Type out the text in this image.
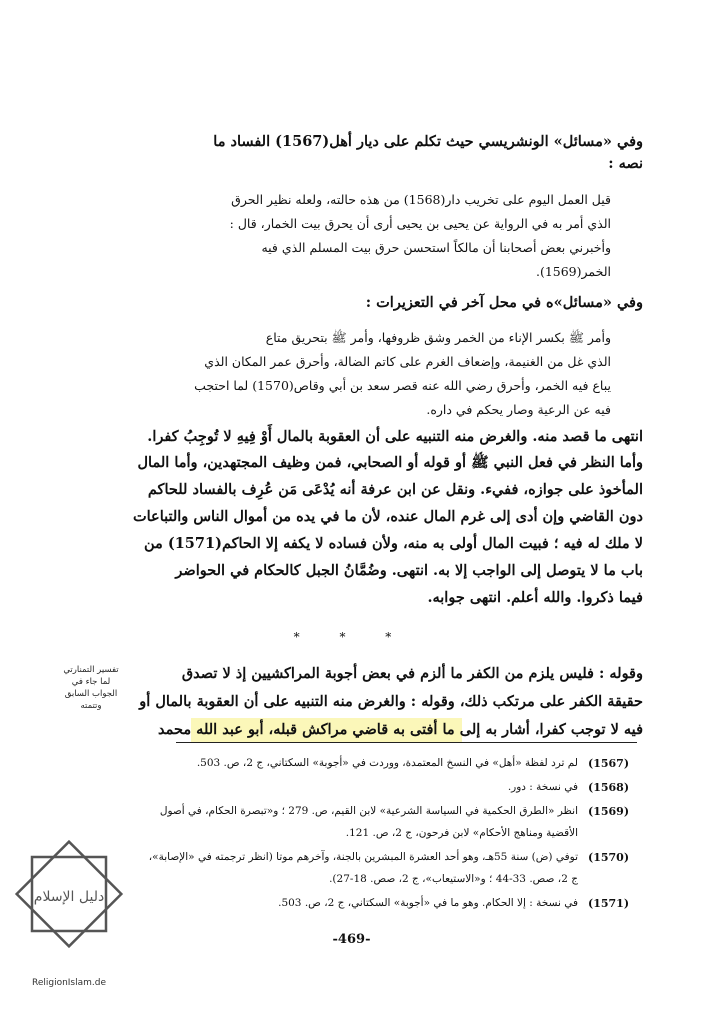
وفي «مسائل» الونشريسي حيث تكلم على ديار أهل(1567) الفساد ما
نصه :
قيل العمل اليوم على تخريب دار(1568) من هذه حالته، ولعله نظير الحرق
الذي أمر به في الرواية عن يحيى بن يحيى أرى أن يحرق بيت الخمار، قال :
وأخبرني بعض أصحابنا أن مالكاً استحسن حرق بيت المسلم الذي فيه
الخمر(1569).
وفي «مسائل»ه في محل آخر في التعزيرات :
وأمر ﷺ بكسر الإناء من الخمر وشق ظروفها، وأمر ﷺ بتحريق متاع
الذي غل من الغنيمة، وإضعاف الغرم على كاتم الضالة، وأحرق عمر المكان الذي
يباع فيه الخمر، وأحرق رضي الله عنه قصر سعد بن أبي وقاص(1570) لما احتجب
فيه عن الرعية وصار يحكم في داره.
انتهى ما قصد منه. والغرض منه التنبيه على أن العقوبة بالمال أَوْ فِيهِ لا تُوجِبُ كفرا.
وأما النظر في فعل النبي ﷺ أو قوله أو الصحابي، فمن وظيف المجتهدين، وأما المال
المأخوذ على جوازه، ففيء. ونقل عن ابن عرفة أنه يُدْعَى مَن عُرِف بالفساد للحاكم
دون القاضي وإن أدى إلى غرم المال عنده، لأن ما في يده من أموال الناس والتباعات
لا ملك له فيه ؛ فبيت المال أولى به منه، ولأن فساده لا يكفه إلا الحاكم(1571) من
باب ما لا يتوصل إلى الواجب إلا به. انتهى. وضُمَّانُ الجبل كالحكام في الحواضر
فيما ذكروا. والله أعلم. انتهى جوابه.
* * *
وقوله : فليس يلزم من الكفر ما ألزم في بعض أجوبة المراكشيين إذ لا تصدق
حقيقة الكفر على مرتكب ذلك، وقوله : والغرض منه التنبيه على أن العقوبة بالمال أو
فيه لا توجب كفرا، أشار به إلى ما أفتى به قاضي مراكش قبله، أبو عبد الله محمد
تفسير التمنارتي لما جاء في الجواب السابق وتتمته
(1567)
لم ترد لفظة «أهل» في النسخ المعتمدة، ووردت في «أجوبة» السكتاني، ج 2، ص. 503.
(1568)
في نسخة : دور.
(1569)
انظر «الطرق الحكمية في السياسة الشرعية» لابن القيم، ص. 279 ؛ و«تبصرة الحكام، في أصول
الأقضية ومناهج الأحكام» لابن فرحون، ج 2، ص. 121.
(1570)
توفي (ض) سنة 55هـ، وهو أحد العشرة المبشرين بالجنة، وآخرهم موتا (انظر ترجمته في «الإصابة»،
ج 2، صص. 33-44 ؛ و«الاستيعاب»، ج 2، صص. 18-27).
(1571)
في نسخة : إلا الحكام. وهو ما في «أجوبة» السكتاني، ج 2، ص. 503.
-469-
دليل الإسلام
ReligionIslam.de
